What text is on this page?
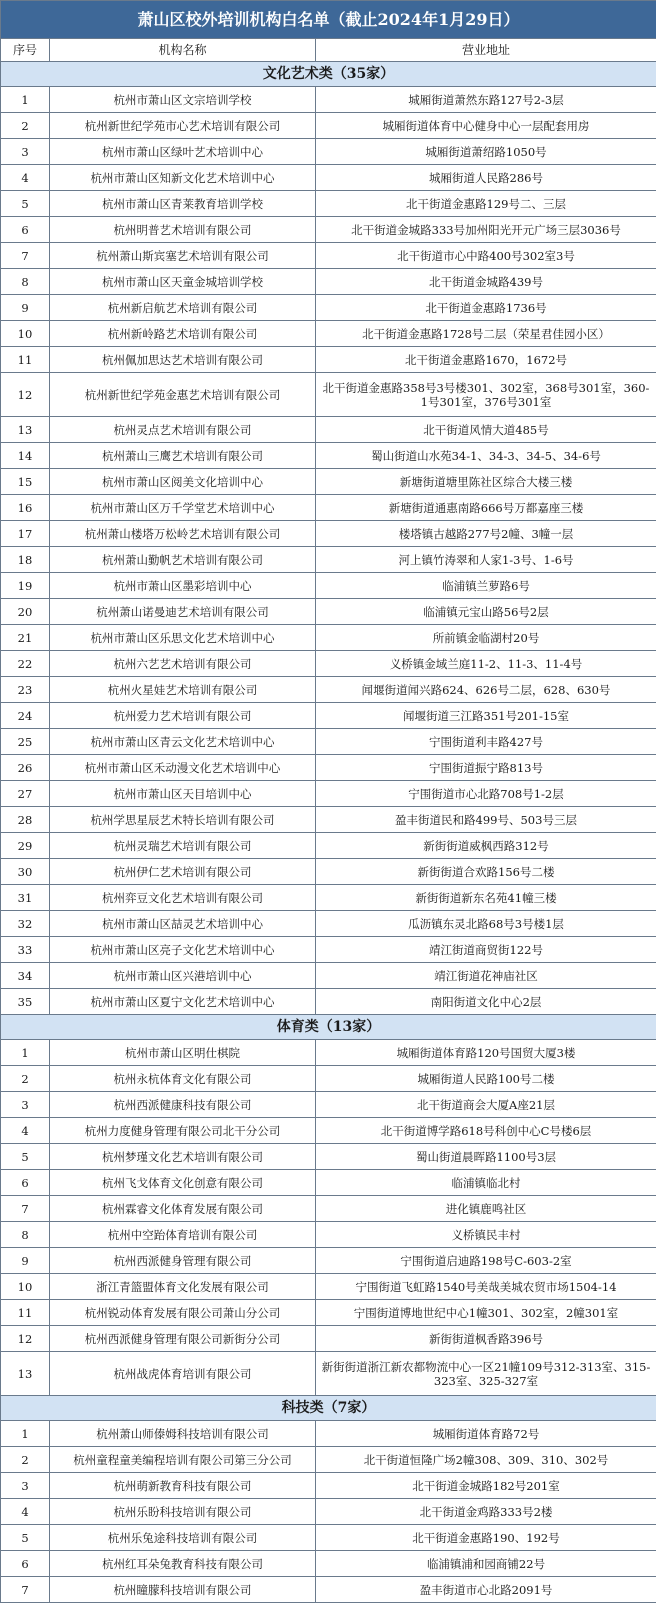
萧山区校外培训机构白名单（截止2024年1月29日）		
序号	机构名称	营业地址
文化艺术类（35家）		
1	杭州市萧山区文宗培训学校	城厢街道萧然东路127号2-3层
2	杭州新世纪学苑市心艺术培训有限公司	城厢街道体育中心健身中心一层配套用房
3	杭州市萧山区绿叶艺术培训中心	城厢街道萧绍路1050号
4	杭州市萧山区知新文化艺术培训中心	城厢街道人民路286号
5	杭州市萧山区青莱教育培训学校	北干街道金惠路129号二、三层
6	杭州明普艺术培训有限公司	北干街道金城路333号加州阳光开元广场三层3036号
7	杭州萧山斯宾塞艺术培训有限公司	北干街道市心中路400号302室3号
8	杭州市萧山区天童金城培训学校	北干街道金城路439号
9	杭州新启航艺术培训有限公司	北干街道金惠路1736号
10	杭州新岭路艺术培训有限公司	北干街道金惠路1728号二层（荣星君佳园小区）
11	杭州佩加思达艺术培训有限公司	北干街道金惠路1670，1672号
12	杭州新世纪学苑金惠艺术培训有限公司	北干街道金惠路358号3号楼301、302室，368号301室，360-1号301室，376号301室
13	杭州灵点艺术培训有限公司	北干街道风情大道485号
14	杭州萧山三鹰艺术培训有限公司	蜀山街道山水苑34-1、34-3、34-5、34-6号
15	杭州市萧山区阅美文化培训中心	新塘街道塘里陈社区综合大楼三楼
16	杭州市萧山区万千学堂艺术培训中心	新塘街道通惠南路666号万都嘉座三楼
17	杭州萧山楼塔万松岭艺术培训有限公司	楼塔镇古越路277号2幢、3幢一层
18	杭州萧山勤帆艺术培训有限公司	河上镇竹涛翠和人家1-3号、1-6号
19	杭州市萧山区墨彩培训中心	临浦镇兰萝路6号
20	杭州萧山诺曼迪艺术培训有限公司	临浦镇元宝山路56号2层
21	杭州市萧山区乐思文化艺术培训中心	所前镇金临湖村20号
22	杭州六艺艺术培训有限公司	义桥镇金域兰庭11-2、11-3、11-4号
23	杭州火星娃艺术培训有限公司	闻堰街道闻兴路624、626号二层，628、630号
24	杭州爱力艺术培训有限公司	闻堰街道三江路351号201-15室
25	杭州市萧山区青云文化艺术培训中心	宁围街道利丰路427号
26	杭州市萧山区禾动漫文化艺术培训中心	宁围街道振宁路813号
27	杭州市萧山区天目培训中心	宁围街道市心北路708号1-2层
28	杭州学思星辰艺术特长培训有限公司	盈丰街道民和路499号、503号三层
29	杭州灵瑞艺术培训有限公司	新街街道威枫西路312号
30	杭州伊仁艺术培训有限公司	新街街道合欢路156号二楼
31	杭州弈豆文化艺术培训有限公司	新街街道新东名苑41幢三楼
32	杭州市萧山区喆灵艺术培训中心	瓜沥镇东灵北路68号3号楼1层
33	杭州市萧山区亮子文化艺术培训中心	靖江街道商贸街122号
34	杭州市萧山区兴港培训中心	靖江街道花神庙社区
35	杭州市萧山区夏宁文化艺术培训中心	南阳街道文化中心2层
体育类（13家）		
1	杭州市萧山区明仕棋院	城厢街道体育路120号国贸大厦3楼
2	杭州永杭体育文化有限公司	城厢街道人民路100号二楼
3	杭州西派健康科技有限公司	北干街道商会大厦A座21层
4	杭州力度健身管理有限公司北干分公司	北干街道博学路618号科创中心C号楼6层
5	杭州梦瑾文化艺术培训有限公司	蜀山街道晨晖路1100号3层
6	杭州飞戈体育文化创意有限公司	临浦镇临北村
7	杭州霖睿文化体育发展有限公司	进化镇鹿鸣社区
8	杭州中空跆体育培训有限公司	义桥镇民丰村
9	杭州西派健身管理有限公司	宁围街道启迪路198号C-603-2室
10	浙江青篮盟体育文化发展有限公司	宁围街道飞虹路1540号美哉美城农贸市场1504-14
11	杭州锐动体育发展有限公司萧山分公司	宁围街道博地世纪中心1幢301、302室，2幢301室
12	杭州西派健身管理有限公司新街分公司	新街街道枫香路396号
13	杭州战虎体育培训有限公司	新街街道浙江新农都物流中心一区21幢109号312-313室、315-323室、325-327室
科技类（7家）		
1	杭州萧山师傣姆科技培训有限公司	城厢街道体育路72号
2	杭州童程童美编程培训有限公司第三分公司	北干街道恒隆广场2幢308、309、310、302号
3	杭州萌新教育科技有限公司	北干街道金城路182号201室
4	杭州乐盼科技培训有限公司	北干街道金鸡路333号2楼
5	杭州乐兔途科技培训有限公司	北干街道金惠路190、192号
6	杭州红耳朵兔教育科技有限公司	临浦镇浦和园商铺22号
7	杭州瞳朦科技培训有限公司	盈丰街道市心北路2091号
